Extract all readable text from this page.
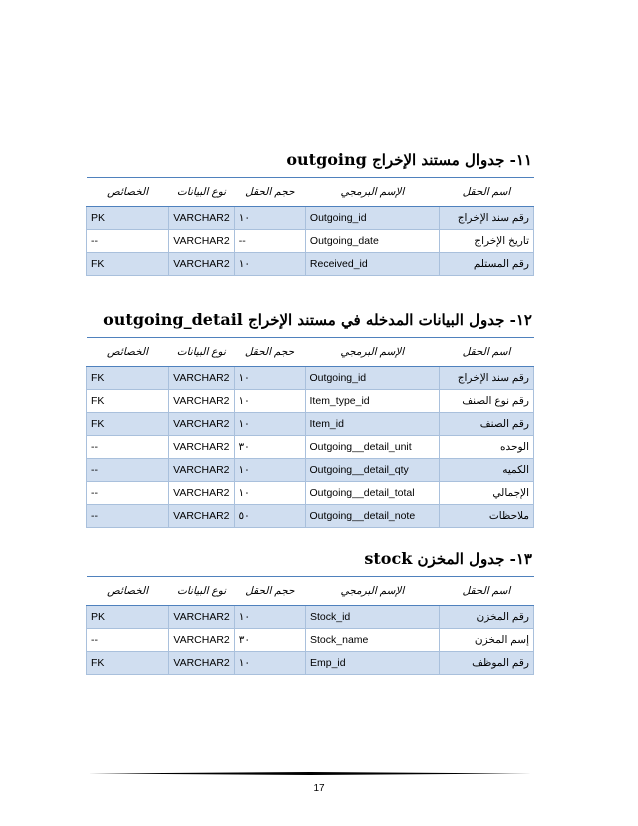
١١- جدوال مستند الإخراج outgoing
اسم الحقل	الإسم البرمجي	حجم الحقل	نوع البيانات	الخصائص
رقم سند الإخراج	Outgoing_id	١٠	VARCHAR2	PK
تاريخ الإخراج	Outgoing_date	--	VARCHAR2	--
رقم المستلم	Received_id	١٠	VARCHAR2	FK
١٢- جدول البيانات المدخله في مستند الإخراج outgoing_detail
اسم الحقل	الإسم البرمجي	حجم الحقل	نوع البيانات	الخصائص
رقم سند الإخراج	Outgoing_id	١٠	VARCHAR2	FK
رقم نوع الصنف	Item_type_id	١٠	VARCHAR2	FK
رقم الصنف	Item_id	١٠	VARCHAR2	FK
الوحده	Outgoing__detail_unit	٣٠	VARCHAR2	--
الكميه	Outgoing__detail_qty	١٠	VARCHAR2	--
الإجمالي	Outgoing__detail_total	١٠	VARCHAR2	--
ملاحظات	Outgoing__detail_note	٥٠	VARCHAR2	--
١٣- جدول المخزن stock
اسم الحقل	الإسم البرمجي	حجم الحقل	نوع البيانات	الخصائص
رقم المخزن	Stock_id	١٠	VARCHAR2	PK
إسم المخزن	Stock_name	٣٠	VARCHAR2	--
رقم الموظف	Emp_id	١٠	VARCHAR2	FK
17
